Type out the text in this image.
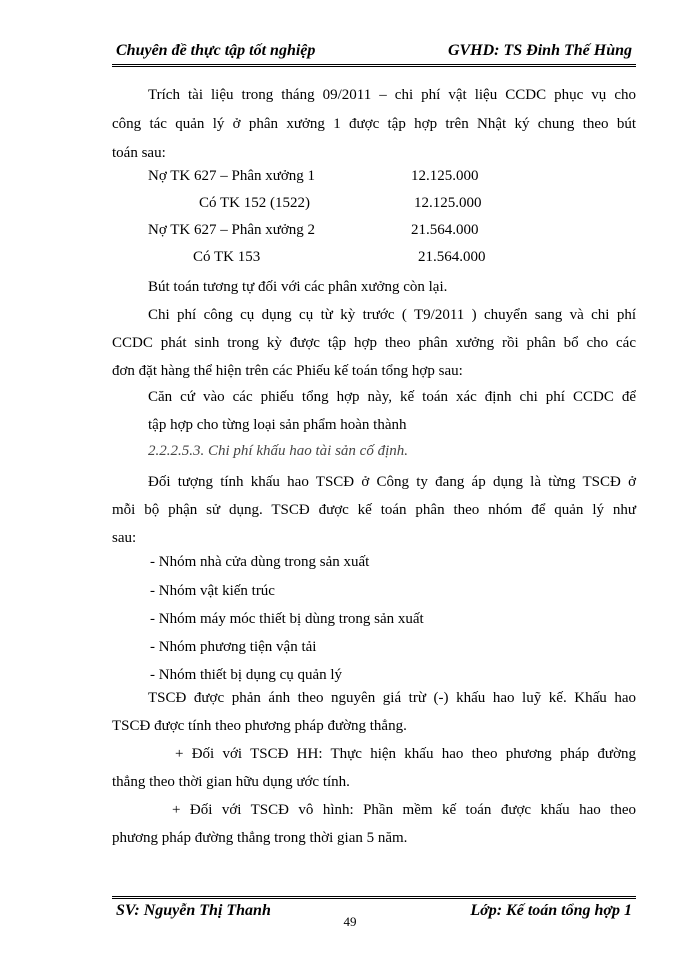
Chuyên đề thực tập tốt nghiệp	GVHD: TS Đinh Thế Hùng
Trích tài liệu trong tháng 09/2011 – chi phí vật liệu CCDC phục vụ cho
công tác quản lý ở phân xưởng 1 được tập hợp trên Nhật ký chung theo bút
toán sau:
Nợ TK 627 – Phân xưởng 1	12.125.000
Có TK 152 (1522)	12.125.000
Nợ TK 627 – Phân xưởng 2	21.564.000
Có TK 153	21.564.000
Bút toán tương tự đối với các phân xưởng còn lại.
Chi phí công cụ dụng cụ từ kỳ trước ( T9/2011 ) chuyển sang và chi phí
CCDC phát sinh trong kỳ được tập hợp theo phân xưởng rồi phân bổ cho các
đơn đặt hàng thể hiện trên các Phiếu kế toán tổng hợp sau:
Căn cứ vào các phiếu tổng hợp này, kế toán xác định chi phí CCDC để
tập hợp cho từng loại sản phẩm hoàn thành
2.2.2.5.3. Chi phí khấu hao tài sản cố định.
Đối tượng tính khấu hao TSCĐ ở Công ty đang áp dụng là từng TSCĐ ở
mỗi bộ phận sử dụng. TSCĐ được kế toán phân theo nhóm để quản lý như
sau:
- Nhóm nhà cửa dùng trong sản xuất
- Nhóm vật kiến trúc
- Nhóm máy móc thiết bị dùng trong sản xuất
- Nhóm phương tiện vận tải
- Nhóm thiết bị dụng cụ quản lý
TSCĐ được phản ánh theo nguyên giá trừ (-) khấu hao luỹ kế. Khấu hao
TSCĐ được tính theo phương pháp đường thẳng.
+ Đối với TSCĐ HH: Thực hiện khấu hao theo phương pháp đường
thẳng theo thời gian hữu dụng ước tính.
+ Đối với TSCĐ vô hình: Phần mềm kế toán được khấu hao theo
phương pháp đường thẳng trong thời gian 5 năm.
SV: Nguyễn Thị Thanh	Lớp: Kế toán tổng hợp 1
49
